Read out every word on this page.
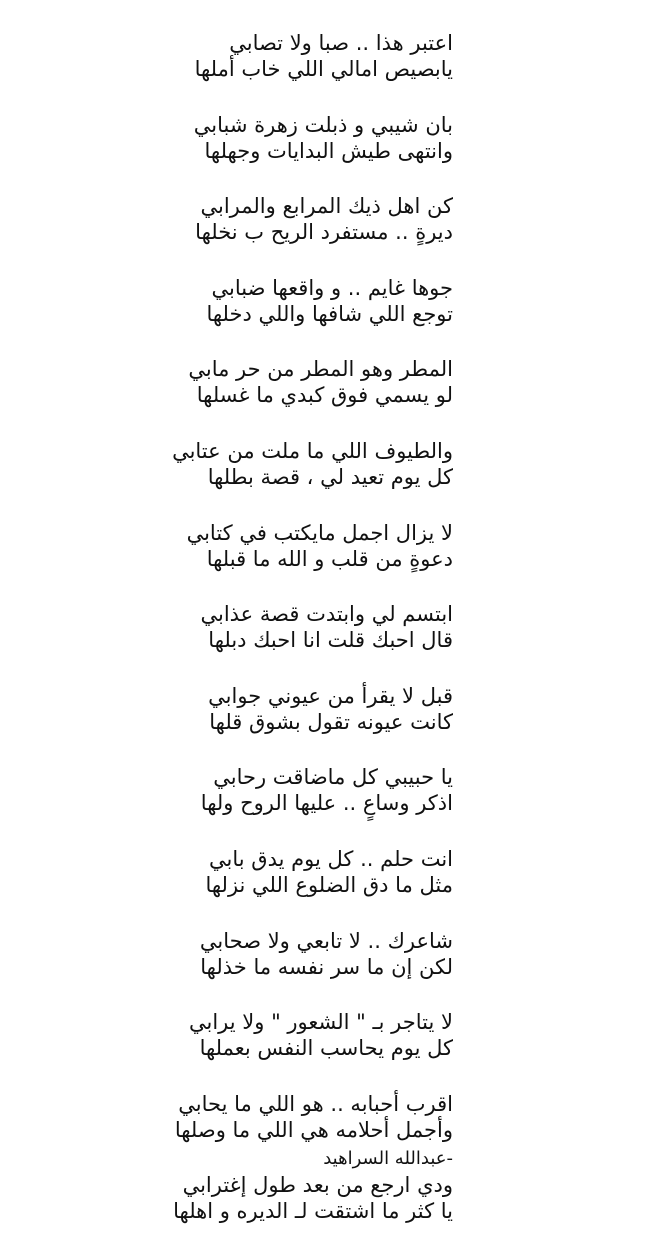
اعتبر هذا .. صبا ولا تصابي
يابصيص امالي اللي خاب أملها
بان شيبي و ذبلت زهرة شبابي
وانتهى طيش البدايات وجهلها
كن اهل ذيك المرابع والمرابي
ديرةٍ .. مستفرد الريح ب نخلها
جوها غايم .. و واقعها ضبابي
توجع اللي شافها واللي دخلها
المطر وهو المطر من حر مابي
لو يسمي فوق كبدي ما غسلها
والطيوف اللي ما ملت من عتابي
كل يوم تعيد لي ، قصة بطلها
لا يزال اجمل مايكتب في كتابي
دعوةٍ من قلب و الله ما قبلها
ابتسم لي وابتدت قصة عذابي
قال احبك قلت انا احبك دبلها
قبل لا يقرأ من عيوني جوابي
كانت عيونه تقول بشوق قلها
يا حبيبي كل ماضاقت رحابي
اذكر وساعٍ .. عليها الروح ولها
انت حلم .. كل يوم يدق بابي
مثل ما دق الضلوع اللي نزلها
شاعرك .. لا تابعي ولا صحابي
لكن إن ما سر نفسه ما خذلها
لا يتاجر بـ " الشعور " ولا يرابي
كل يوم يحاسب النفس بعملها
اقرب أحبابه .. هو اللي ما يحابي
وأجمل أحلامه هي اللي ما وصلها
ودي ارجع من بعد طول إغترابي
يا كثر ما اشتقت لـ الديره و اهلها
-عبدالله السراهيد
